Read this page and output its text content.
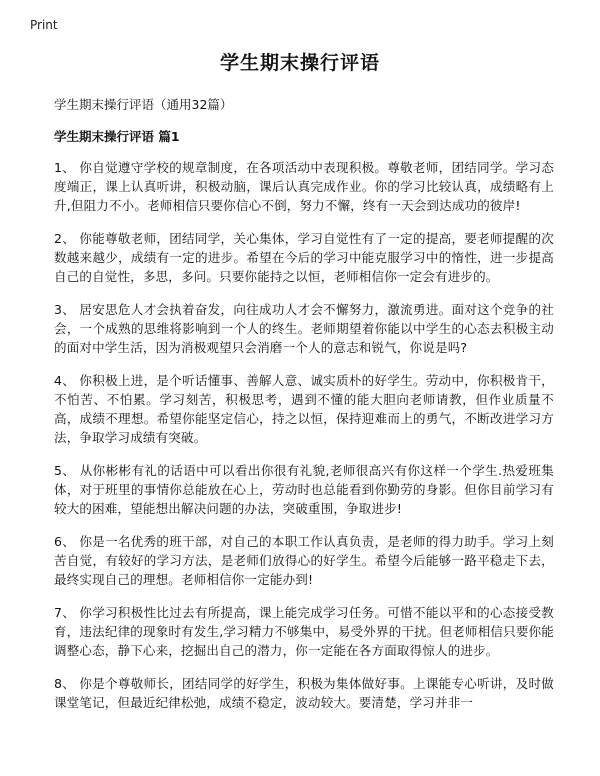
Print
学生期末操行评语

学生期末操行评语（通用32篇）

学生期末操行评语 篇1

1、 你自觉遵守学校的规章制度，在各项活动中表现积极。尊敬老师，团结同学。学习态度端正，课上认真听讲，积极动脑，课后认真完成作业。你的学习比较认真，成绩略有上升,但阻力不小。老师相信只要你信心不倒，努力不懈，终有一天会到达成功的彼岸!

2、 你能尊敬老师，团结同学，关心集体，学习自觉性有了一定的提高，要老师提醒的次数越来越少，成绩有一定的进步。希望在今后的学习中能克服学习中的惰性，进一步提高自己的自觉性，多思，多问。只要你能持之以恒，老师相信你一定会有进步的。

3、 居安思危人才会执着奋发，向往成功人才会不懈努力，激流勇进。面对这个竞争的社会，一个成熟的思维将影响到一个人的终生。老师期望着你能以中学生的心态去积极主动的面对中学生活，因为消极观望只会消磨一个人的意志和锐气，你说是吗?

4、 你积极上进，是个听话懂事、善解人意、诚实质朴的好学生。劳动中，你积极肯干，不怕苦、不怕累。学习刻苦，积极思考，遇到不懂的能大胆向老师请教，但作业质量不高，成绩不理想。希望你能坚定信心，持之以恒，保持迎难而上的勇气，不断改进学习方法，争取学习成绩有突破。

5、 从你彬彬有礼的话语中可以看出你很有礼貌,老师很高兴有你这样一个学生.热爱班集体，对于班里的事情你总能放在心上，劳动时也总能看到你勤劳的身影。但你目前学习有较大的困难，望能想出解决问题的办法，突破重围，争取进步!

6、 你是一名优秀的班干部，对自己的本职工作认真负责，是老师的得力助手。学习上刻苦自觉，有较好的学习方法，是老师们放得心的好学生。希望今后能够一路平稳走下去，最终实现自己的理想。老师相信你一定能办到!

7、 你学习积极性比过去有所提高，课上能完成学习任务。可惜不能以平和的心态接受教育，违法纪律的现象时有发生,学习精力不够集中，易受外界的干扰。但老师相信只要你能调整心态，静下心来，挖掘出自己的潜力，你一定能在各方面取得惊人的进步。

8、 你是个尊敬师长，团结同学的好学生，积极为集体做好事。上课能专心听讲，及时做课堂笔记，但最近纪律松弛，成绩不稳定，波动较大。要清楚，学习并非一
